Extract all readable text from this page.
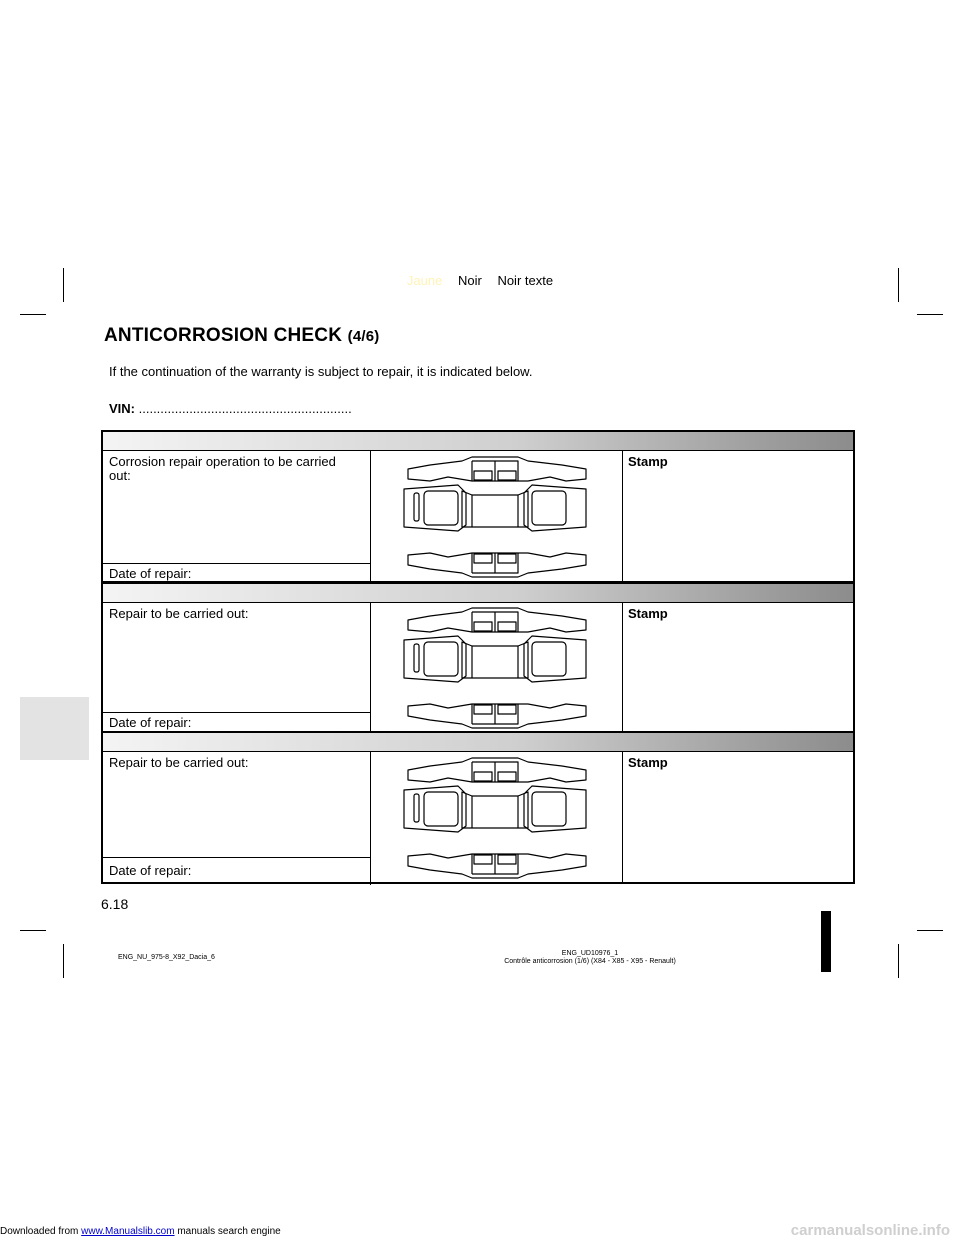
Jaune Noir Noir texte
ANTICORROSION CHECK (4/6)
If the continuation of the warranty is subject to repair, it is indicated below.
VIN: ...........................................................
Corrosion repair operation to be carried out:
Date of repair:
Stamp
Repair to be carried out:
Date of repair:
Stamp
Repair to be carried out:
Date of repair:
Stamp
6.18
ENG_NU_975-8_X92_Dacia_6
ENG_UD10976_1
Contrôle anticorrosion (1/6) (X84 - X85 - X95 - Renault)
Downloaded from www.Manualslib.com manuals search engine	carmanualsonline.info
